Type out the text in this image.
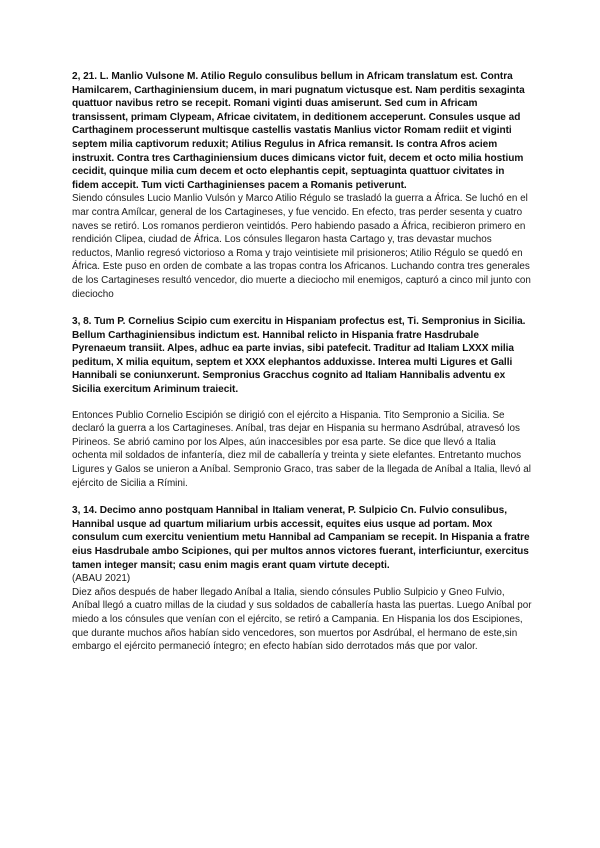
2, 21. L. Manlio Vulsone M. Atilio Regulo consulibus bellum in Africam translatum est. Contra Hamilcarem, Carthaginiensium ducem, in mari pugnatum victusque est. Nam perditis sexaginta quattuor navibus retro se recepit. Romani viginti duas amiserunt. Sed cum in Africam transissent, primam Clypeam, Africae civitatem, in deditionem acceperunt. Consules usque ad Carthaginem processerunt multisque castellis vastatis Manlius victor Romam rediit et viginti septem milia captivorum reduxit; Atilius Regulus in Africa remansit. Is contra Afros aciem instruxit. Contra tres Carthaginiensium duces dimicans victor fuit, decem et octo milia hostium cecidit, quinque milia cum decem et octo elephantis cepit, septuaginta quattuor civitates in fidem accepit. Tum victi Carthaginienses pacem a Romanis petiverunt.

Siendo cónsules Lucio Manlio Vulsón y Marco Atilio Régulo se trasladó la guerra a África. Se luchó en el mar contra Amílcar, general de los Cartagineses, y fue vencido. En efecto, tras perder sesenta y cuatro naves se retiró. Los romanos perdieron veintidós. Pero habiendo pasado a África, recibieron primero en rendición Clipea, ciudad de África. Los cónsules llegaron hasta Cartago y, tras devastar muchos reductos, Manlio regresó victorioso a Roma y trajo veintisiete mil prisioneros; Atilio Régulo se quedó en África. Este puso en orden de combate a las tropas contra los Africanos. Luchando contra tres generales de los Cartagineses resultó vencedor, dio muerte a dieciocho mil enemigos, capturó a cinco mil junto con dieciocho

3, 8. Tum P. Cornelius Scipio cum exercitu in Hispaniam profectus est, Ti. Sempronius in Sicilia. Bellum Carthaginiensibus indictum est. Hannibal relicto in Hispania fratre Hasdrubale Pyrenaeum transiit. Alpes, adhuc ea parte invias, sibi patefecit. Traditur ad Italiam LXXX milia peditum, X milia equitum, septem et XXX elephantos adduxisse. Interea multi Ligures et Galli Hannibali se coniunxerunt. Sempronius Gracchus cognito ad Italiam Hannibalis adventu ex Sicilia exercitum Ariminum traiecit.

Entonces Publio Cornelio Escipión se dirigió con el ejército a Hispania. Tito Sempronio a Sicilia. Se declaró la guerra a los Cartagineses. Aníbal, tras dejar en Hispania su hermano Asdrúbal, atravesó los Pirineos. Se abrió camino por los Alpes, aún inaccesibles por esa parte. Se dice que llevó a Italia ochenta mil soldados de infantería, diez mil de caballería y treinta y siete elefantes. Entretanto muchos Ligures y Galos se unieron a Aníbal. Sempronio Graco, tras saber de la llegada de Aníbal a Italia, llevó al ejército de Sicilia a Rímini.

3, 14. Decimo anno postquam Hannibal in Italiam venerat, P. Sulpicio Cn. Fulvio consulibus, Hannibal usque ad quartum miliarium urbis accessit, equites eius usque ad portam. Mox consulum cum exercitu venientium metu Hannibal ad Campaniam se recepit. In Hispania a fratre eius Hasdrubale ambo Scipiones, qui per multos annos victores fuerant, interficiuntur, exercitus tamen integer mansit; casu enim magis erant quam virtute decepti.

(ABAU 2021)

Diez años después de haber llegado Aníbal a Italia, siendo cónsules Publio Sulpicio y Gneo Fulvio, Aníbal llegó a cuatro millas de la ciudad y sus soldados de caballería hasta las puertas. Luego Aníbal por miedo a los cónsules que venían con el ejército, se retiró a Campania. En Hispania los dos Escipiones, que durante muchos años habían sido vencedores, son muertos por Asdrúbal, el hermano de este,sin embargo el ejército permaneció íntegro; en efecto habían sido derrotados más que por valor.
